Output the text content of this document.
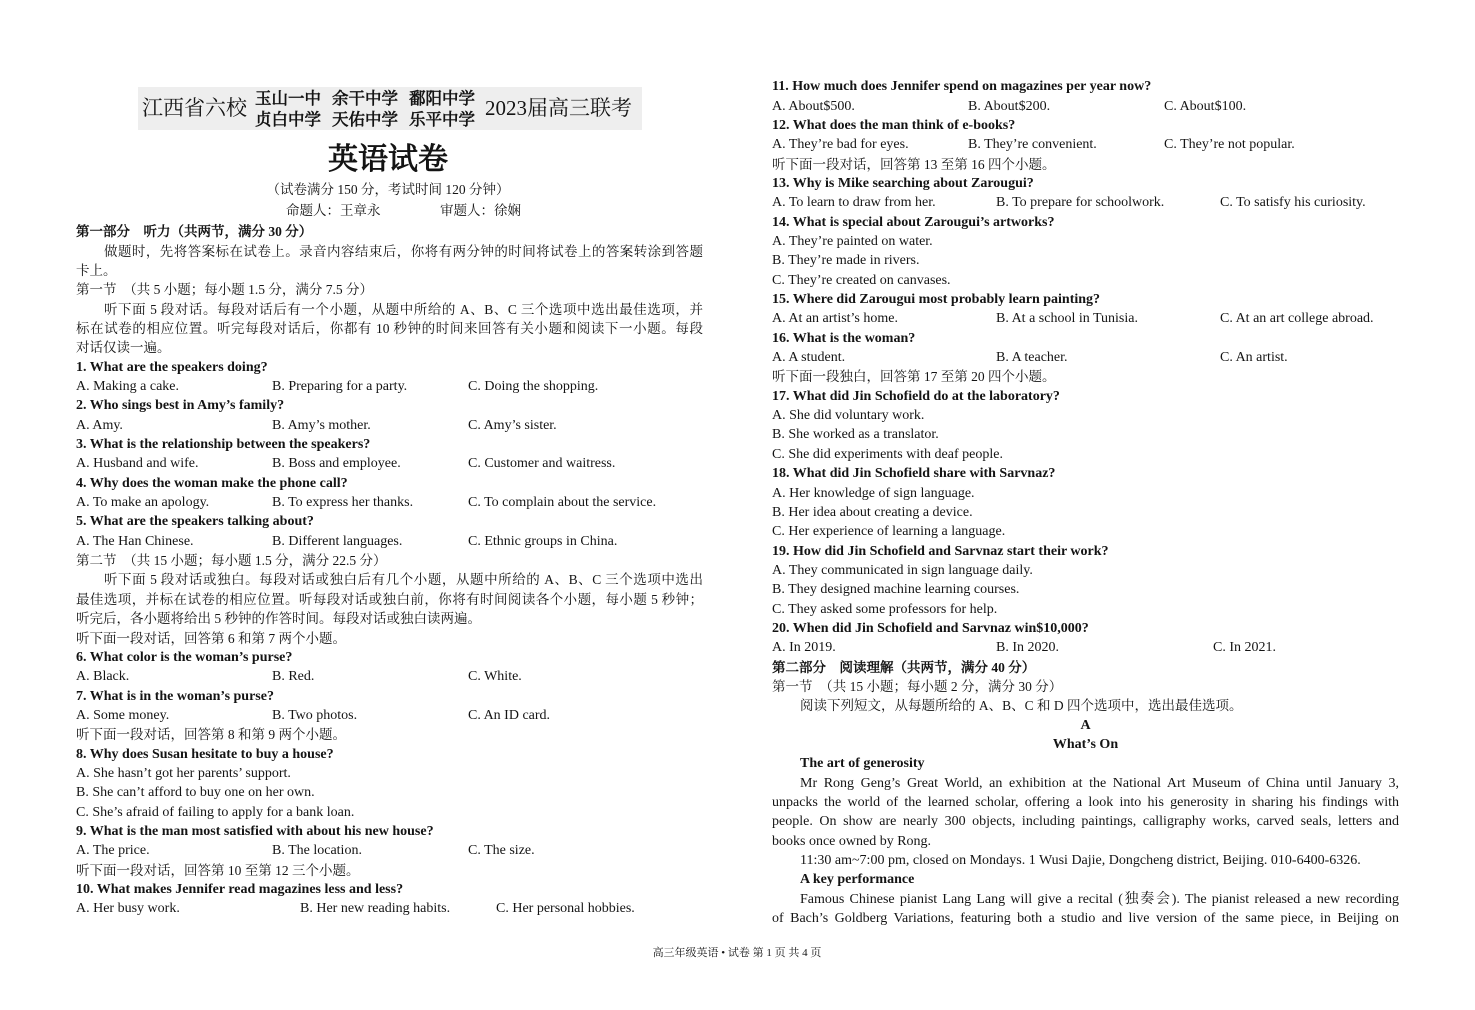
江西省六校 玉山一中 余干中学 鄱阳中学
贞白中学 天佑中学 乐平中学 2023届高三联考
英语试卷
（试卷满分 150 分，考试时间 120 分钟）
命题人：王章永	审题人：徐娴
第一部分　听力（共两节，满分 30 分）
做题时，先将答案标在试卷上。录音内容结束后，你将有两分钟的时间将试卷上的答案转涂到答题
卡上。
第一节　（共 5 小题；每小题 1.5 分，满分 7.5 分）
听下面 5 段对话。每段对话后有一个小题，从题中所给的 A、B、C 三个选项中选出最佳选项，并
标在试卷的相应位置。听完每段对话后，你都有 10 秒钟的时间来回答有关小题和阅读下一小题。每段
对话仅读一遍。
1. What are the speakers doing?
A. Making a cake.	B. Preparing for a party.	C. Doing the shopping.
2. Who sings best in Amy’s family?
A. Amy.	B. Amy’s mother.	C. Amy’s sister.
3. What is the relationship between the speakers?
A. Husband and wife.	B. Boss and employee.	C. Customer and waitress.
4. Why does the woman make the phone call?
A. To make an apology.	B. To express her thanks.	C. To complain about the service.
5. What are the speakers talking about?
A. The Han Chinese.	B. Different languages.	C. Ethnic groups in China.
第二节　（共 15 小题；每小题 1.5 分，满分 22.5 分）
听下面 5 段对话或独白。每段对话或独白后有几个小题，从题中所给的 A、B、C 三个选项中选出
最佳选项，并标在试卷的相应位置。听每段对话或独白前，你将有时间阅读各个小题，每小题 5 秒钟；
听完后，各小题将给出 5 秒钟的作答时间。每段对话或独白读两遍。
听下面一段对话，回答第 6 和第 7 两个小题。
6. What color is the woman’s purse?
A. Black.	B. Red.	C. White.
7. What is in the woman’s purse?
A. Some money.	B. Two photos.	C. An ID card.
听下面一段对话，回答第 8 和第 9 两个小题。
8. Why does Susan hesitate to buy a house?
A. She hasn’t got her parents’ support.
B. She can’t afford to buy one on her own.
C. She’s afraid of failing to apply for a bank loan.
9. What is the man most satisfied with about his new house?
A. The price.	B. The location.	C. The size.
听下面一段对话，回答第 10 至第 12 三个小题。
10. What makes Jennifer read magazines less and less?
A. Her busy work.	B. Her new reading habits.	C. Her personal hobbies.
11. How much does Jennifer spend on magazines per year now?
A. About$500.	B. About$200.	C. About$100.
12. What does the man think of e-books?
A. They’re bad for eyes.	B. They’re convenient.	C. They’re not popular.
听下面一段对话，回答第 13 至第 16 四个小题。
13. Why is Mike searching about Zarougui?
A. To learn to draw from her.	B. To prepare for schoolwork.	C. To satisfy his curiosity.
14. What is special about Zarougui’s artworks?
A. They’re painted on water.
B. They’re made in rivers.
C. They’re created on canvases.
15. Where did Zarougui most probably learn painting?
A. At an artist’s home.	B. At a school in Tunisia.	C. At an art college abroad.
16. What is the woman?
A. A student.	B. A teacher.	C. An artist.
听下面一段独白，回答第 17 至第 20 四个小题。
17. What did Jin Schofield do at the laboratory?
A. She did voluntary work.
B. She worked as a translator.
C. She did experiments with deaf people.
18. What did Jin Schofield share with Sarvnaz?
A. Her knowledge of sign language.
B. Her idea about creating a device.
C. Her experience of learning a language.
19. How did Jin Schofield and Sarvnaz start their work?
A. They communicated in sign language daily.
B. They designed machine learning courses.
C. They asked some professors for help.
20. When did Jin Schofield and Sarvnaz win$10,000?
A. In 2019.	B. In 2020.	C. In 2021.
第二部分　阅读理解（共两节，满分 40 分）
第一节　（共 15 小题；每小题 2 分，满分 30 分）
阅读下列短文，从每题所给的 A、B、C 和 D 四个选项中，选出最佳选项。
A
What’s On
The art of generosity
Mr Rong Geng’s Great World, an exhibition at the National Art Museum of China until January 3,
unpacks the world of the learned scholar, offering a look into his generosity in sharing his findings with
people. On show are nearly 300 objects, including paintings, calligraphy works, carved seals, letters and
books once owned by Rong.
11:30 am~7:00 pm, closed on Mondays. 1 Wusi Dajie, Dongcheng district, Beijing. 010-6400-6326.
A key performance
Famous Chinese pianist Lang Lang will give a recital (独奏会). The pianist released a new recording
of Bach’s Goldberg Variations, featuring both a studio and live version of the same piece, in Beijing on
高三年级英语 • 试卷 第 1 页 共 4 页
